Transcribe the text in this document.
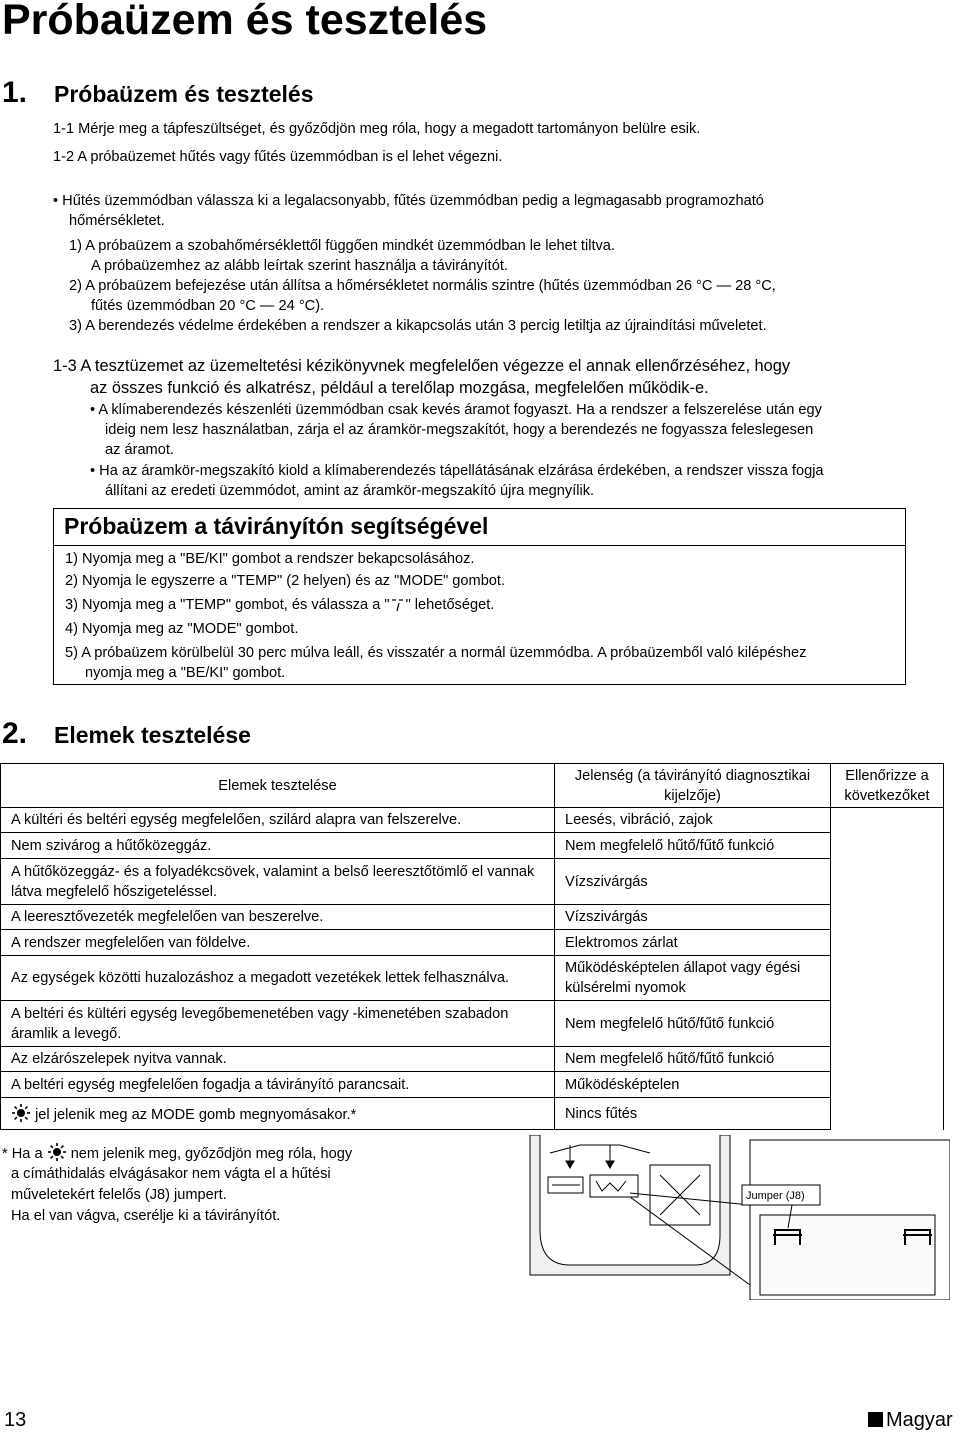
Próbaüzem és tesztelés
1. Próbaüzem és tesztelés
1-1 Mérje meg a tápfeszültséget, és győződjön meg róla, hogy a megadott tartományon belülre esik.
1-2 A próbaüzemet hűtés vagy fűtés üzemmódban is el lehet végezni.
• Hűtés üzemmódban válassza ki a legalacsonyabb, fűtés üzemmódban pedig a legmagasabb programozható
hőmérsékletet.
1) A próbaüzem a szobahőmérséklettől függően mindkét üzemmódban le lehet tiltva.
A próbaüzemhez az alább leírtak szerint használja a távirányítót.
2) A próbaüzem befejezése után állítsa a hőmérsékletet normális szintre (hűtés üzemmódban 26 °C — 28 °C,
fűtés üzemmódban 20 °C — 24 °C).
3) A berendezés védelme érdekében a rendszer a kikapcsolás után 3 percig letiltja az újraindítási műveletet.
1-3 A tesztüzemet az üzemeltetési kézikönyvnek megfelelően végezze el annak ellenőrzéséhez, hogy
az összes funkció és alkatrész, például a terelőlap mozgása, megfelelően működik-e.
• A klímaberendezés készenléti üzemmódban csak kevés áramot fogyaszt. Ha a rendszer a felszerelése után egy
ideig nem lesz használatban, zárja el az áramkör-megszakítót, hogy a berendezés ne fogyassza feleslegesen
az áramot.
• Ha az áramkör-megszakító kiold a klímaberendezés tápellátásának elzárása érdekében, a rendszer vissza fogja
állítani az eredeti üzemmódot, amint az áramkör-megszakító újra megnyílik.
Próbaüzem a távirányítón segítségével
1) Nyomja meg a "BE/KI" gombot a rendszer bekapcsolásához.
2) Nyomja le egyszerre a "TEMP" (2 helyen) és az "MODE" gombot.
3) Nyomja meg a "TEMP" gombot, és válassza a " " lehetőséget.
4) Nyomja meg az "MODE" gombot.
5) A próbaüzem körülbelül 30 perc múlva leáll, és visszatér a normál üzemmódba. A próbaüzemből való kilépéshez
nyomja meg a "BE/KI" gombot.
2. Elemek tesztelése
Elemek tesztelése	Jelenség (a távirányító diagnosztikai kijelzője)	Ellenőrizze a következőket
A kültéri és beltéri egység megfelelően, szilárd alapra van felszerelve.	Leesés, vibráció, zajok	
Nem szivárog a hűtőközeggáz.	Nem megfelelő hűtő/fűtő funkció	
A hűtőközeggáz- és a folyadékcsövek, valamint a belső leeresztőtömlő el vannak látva megfelelő hőszigeteléssel.	Vízszivárgás	
A leeresztővezeték megfelelően van beszerelve.	Vízszivárgás	
A rendszer megfelelően van földelve.	Elektromos zárlat	
Az egységek közötti huzalozáshoz a megadott vezetékek lettek felhasználva.	Működésképtelen állapot vagy égési külsérelmi nyomok	
A beltéri és kültéri egység levegőbemenetében vagy -kimenetében szabadon áramlik a levegő.	Nem megfelelő hűtő/fűtő funkció	
Az elzárószelepek nyitva vannak.	Nem megfelelő hűtő/fűtő funkció	
A beltéri egység megfelelően fogadja a távirányító parancsait.	Működésképtelen	
jel jelenik meg az MODE gomb megnyomásakor.*	Nincs fűtés	
* Ha a nem jelenik meg, győződjön meg róla, hogy
a címáthidalás elvágásakor nem vágta el a hűtési
műveletekért felelős (J8) jumpert.
Ha el van vágva, cserélje ki a távirányítót.
Jumper (J8)
13	Magyar
